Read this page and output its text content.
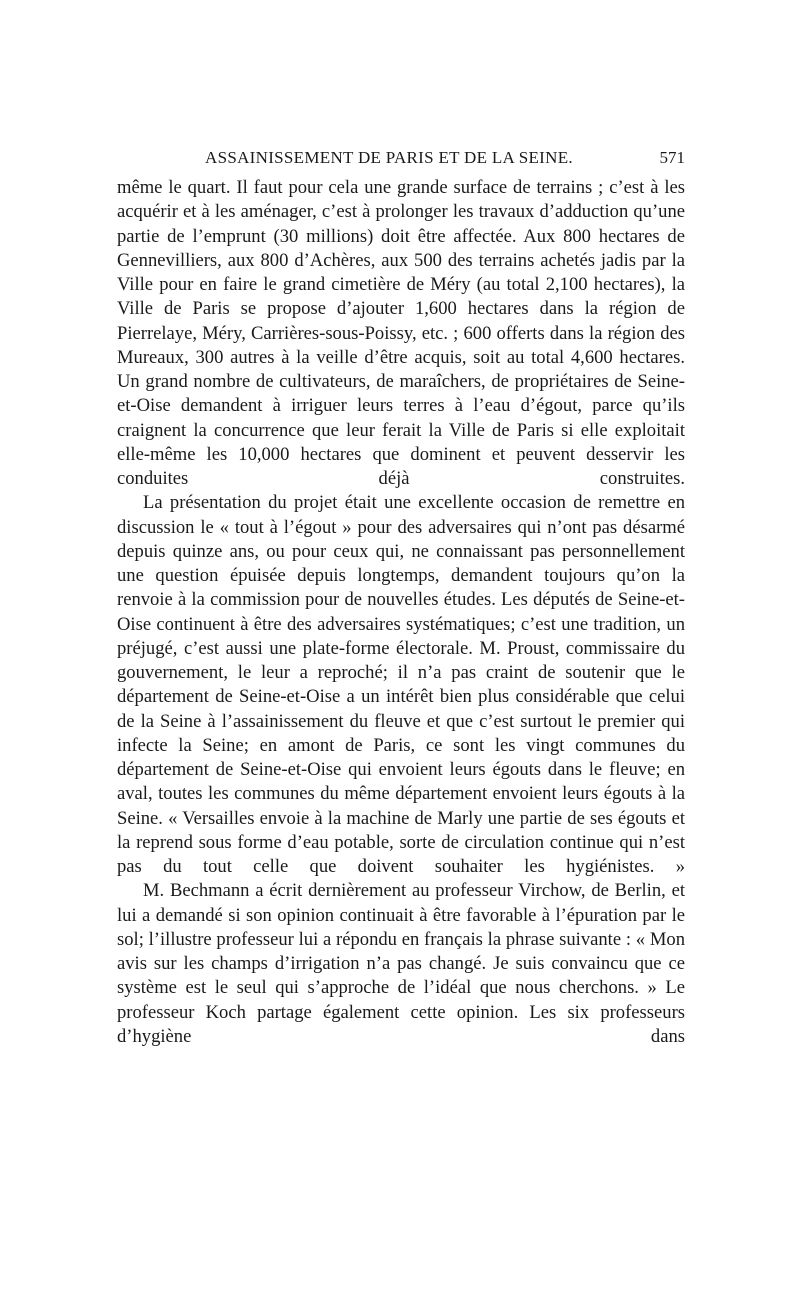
ASSAINISSEMENT DE PARIS ET DE LA SEINE.	571

même le quart. Il faut pour cela une grande surface de terrains ; c’est à les acquérir et à les aménager, c’est à prolonger les travaux d’adduction qu’une partie de l’emprunt (30 millions) doit être affectée. Aux 800 hectares de Gennevilliers, aux 800 d’Achères, aux 500 des terrains achetés jadis par la Ville pour en faire le grand cimetière de Méry (au total 2,100 hectares), la Ville de Paris se propose d’ajouter 1,600 hectares dans la région de Pierrelaye, Méry, Carrières-sous-Poissy, etc. ; 600 offerts dans la région des Mureaux, 300 autres à la veille d’être acquis, soit au total 4,600 hectares. Un grand nombre de cultivateurs, de maraîchers, de propriétaires de Seine-et-Oise demandent à irriguer leurs terres à l’eau d’égout, parce qu’ils craignent la concurrence que leur ferait la Ville de Paris si elle exploitait elle-même les 10,000 hectares que dominent et peuvent desservir les conduites déjà construites.

La présentation du projet était une excellente occasion de remettre en discussion le « tout à l’égout » pour des adversaires qui n’ont pas désarmé depuis quinze ans, ou pour ceux qui, ne connaissant pas personnellement une question épuisée depuis longtemps, demandent toujours qu’on la renvoie à la commission pour de nouvelles études. Les députés de Seine-et-Oise continuent à être des adversaires systématiques; c’est une tradition, un préjugé, c’est aussi une plate-forme électorale. M. Proust, commissaire du gouvernement, le leur a reproché; il n’a pas craint de soutenir que le département de Seine-et-Oise a un intérêt bien plus considérable que celui de la Seine à l’assainissement du fleuve et que c’est surtout le premier qui infecte la Seine; en amont de Paris, ce sont les vingt communes du département de Seine-et-Oise qui envoient leurs égouts dans le fleuve; en aval, toutes les communes du même département envoient leurs égouts à la Seine. « Versailles envoie à la machine de Marly une partie de ses égouts et la reprend sous forme d’eau potable, sorte de circulation continue qui n’est pas du tout celle que doivent souhaiter les hygiénistes. »

M. Bechmann a écrit dernièrement au professeur Virchow, de Berlin, et lui a demandé si son opinion continuait à être favorable à l’épuration par le sol; l’illustre professeur lui a répondu en français la phrase suivante : « Mon avis sur les champs d’irrigation n’a pas changé. Je suis convaincu que ce système est le seul qui s’approche de l’idéal que nous cherchons. » Le professeur Koch partage également cette opinion. Les six professeurs d’hygiène dans
